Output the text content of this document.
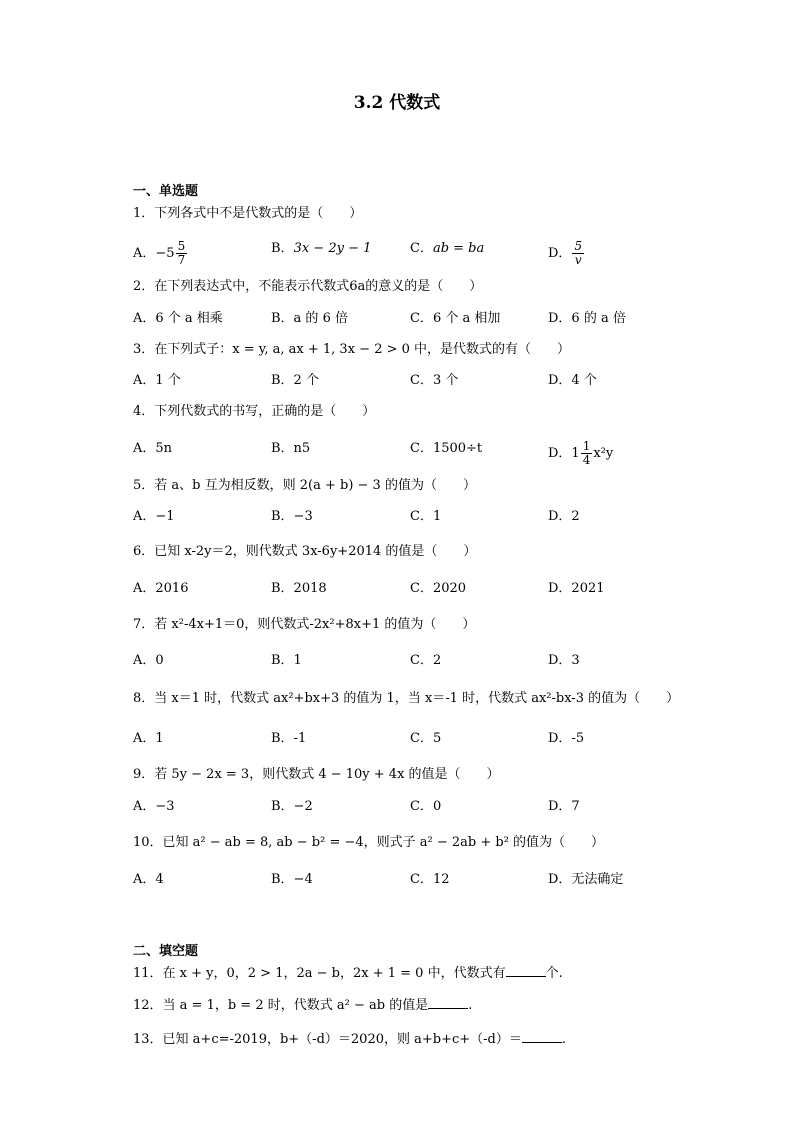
3.2 代数式
一、单选题
1．下列各式中不是代数式的是（　　）
A．$-5 \frac{5}{7}$	B．3x − 2y − 1	C．ab = ba	D． $\frac{5}{v}$
2．在下列表达式中，不能表示代数式6a的意义的是（　　）
A．6 个 a 相乘	B．a 的 6 倍	C．6 个 a 相加	D．6 的 a 倍
3．在下列式子：x = y, a, ax + 1, 3x − 2 > 0 中，是代数式的有（　　）
A．1 个	B．2 个	C．3 个	D．4 个
4．下列代数式的书写，正确的是（　　）
A．5n	B．n5	C．1500÷t	D．$1 \frac{1}{4} x^2y$
5．若 a、b 互为相反数，则 2(a + b) − 3 的值为（　　）
A．−1	B．−3	C．1	D．2
6．已知 x-2y＝2，则代数式 3x-6y+2014 的值是（　　）
A．2016	B．2018	C．2020	D．2021
7．若 x²-4x+1＝0，则代数式-2x²+8x+1 的值为（　　）
A．0	B．1	C．2	D．3
8．当 x＝1 时，代数式 ax²+bx+3 的值为 1，当 x＝-1 时，代数式 ax²-bx-3 的值为（　　）
A．1	B．-1	C．5	D．-5
9．若 5y − 2x = 3，则代数式 4 − 10y + 4x 的值是（　　）
A．−3	B．−2	C．0	D．7
10．已知 a² − ab = 8, ab − b² = −4，则式子 a² − 2ab + b² 的值为（　　）
A．4	B．−4	C．12	D．无法确定
二、填空题
11．在 x + y，0，2 > 1，2a − b，2x + 1 = 0 中，代数式有	个.
12．当 a = 1，b = 2 时，代数式 a² − ab 的值是	.
13．已知 a+c=-2019，b+（-d）＝2020，则 a+b+c+（-d）＝	.
